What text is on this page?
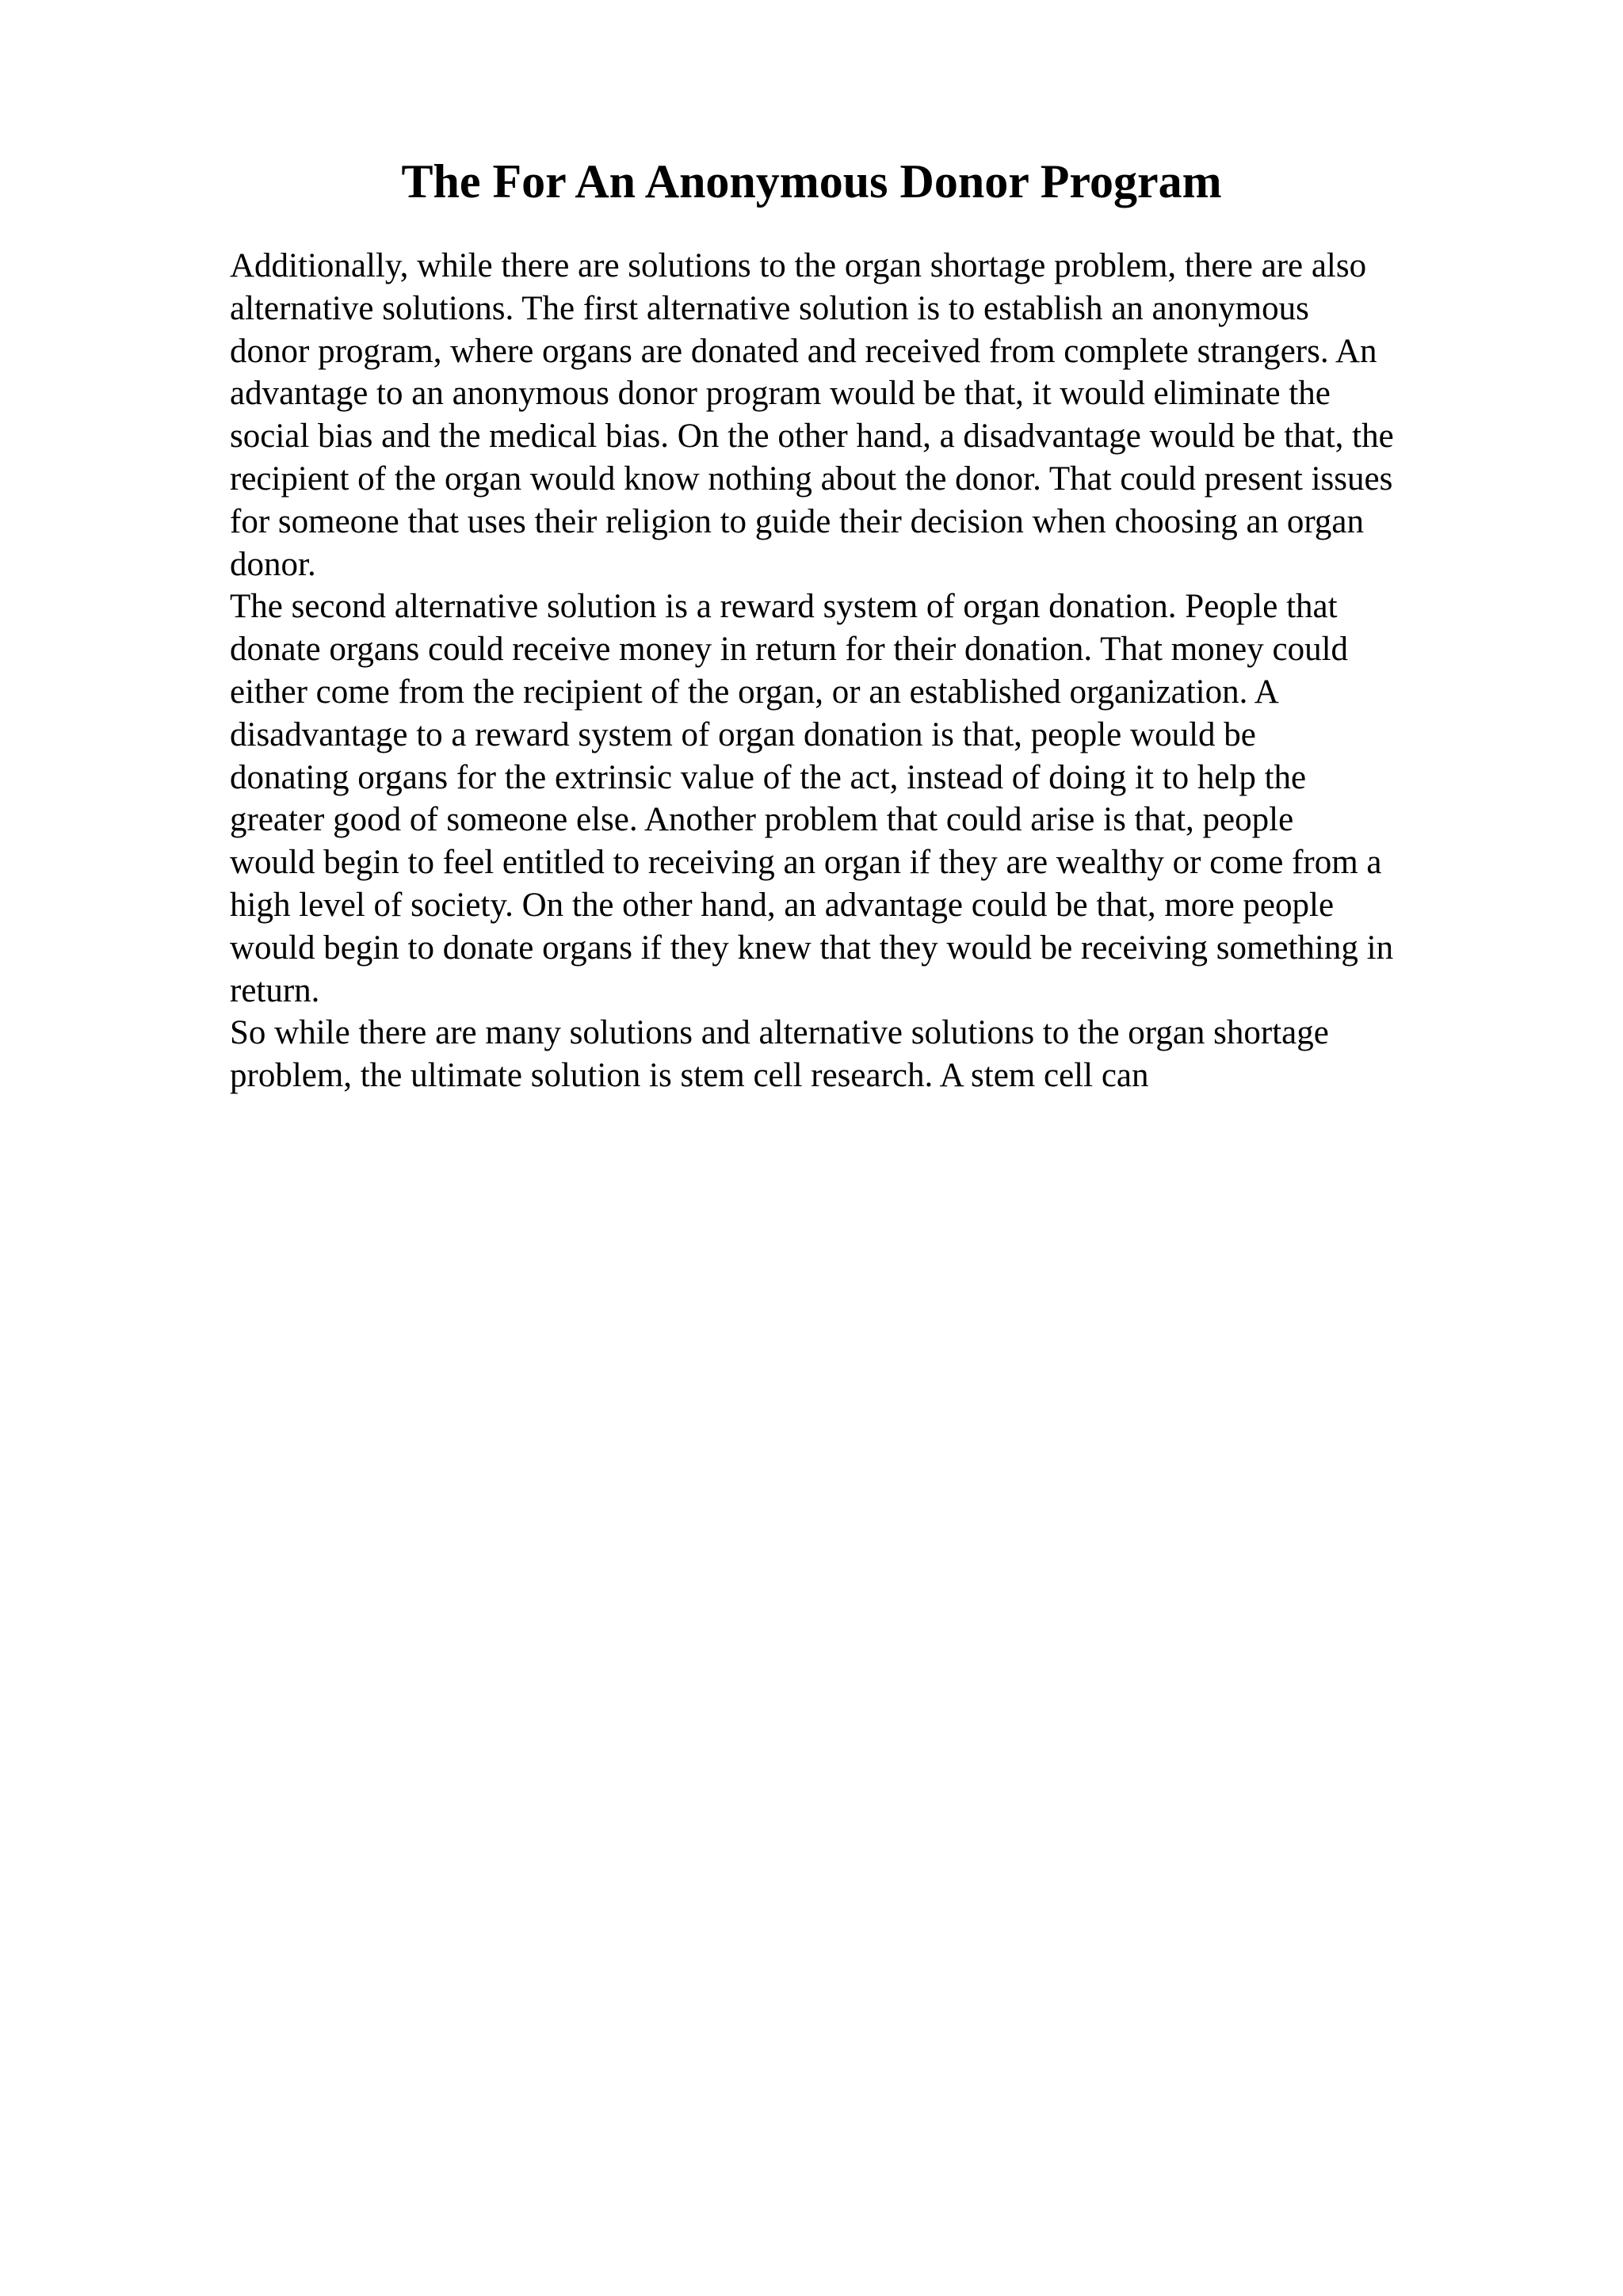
The For An Anonymous Donor Program
Additionally, while there are solutions to the organ shortage problem, there are also
alternative solutions. The first alternative solution is to establish an anonymous
donor program, where organs are donated and received from complete strangers. An
advantage to an anonymous donor program would be that, it would eliminate the
social bias and the medical bias. On the other hand, a disadvantage would be that, the
recipient of the organ would know nothing about the donor. That could present issues
for someone that uses their religion to guide their decision when choosing an organ
donor.
The second alternative solution is a reward system of organ donation. People that
donate organs could receive money in return for their donation. That money could
either come from the recipient of the organ, or an established organization. A
disadvantage to a reward system of organ donation is that, people would be
donating organs for the extrinsic value of the act, instead of doing it to help the
greater good of someone else. Another problem that could arise is that, people
would begin to feel entitled to receiving an organ if they are wealthy or come from a
high level of society. On the other hand, an advantage could be that, more people
would begin to donate organs if they knew that they would be receiving something in
return.
So while there are many solutions and alternative solutions to the organ shortage
problem, the ultimate solution is stem cell research. A stem cell can
